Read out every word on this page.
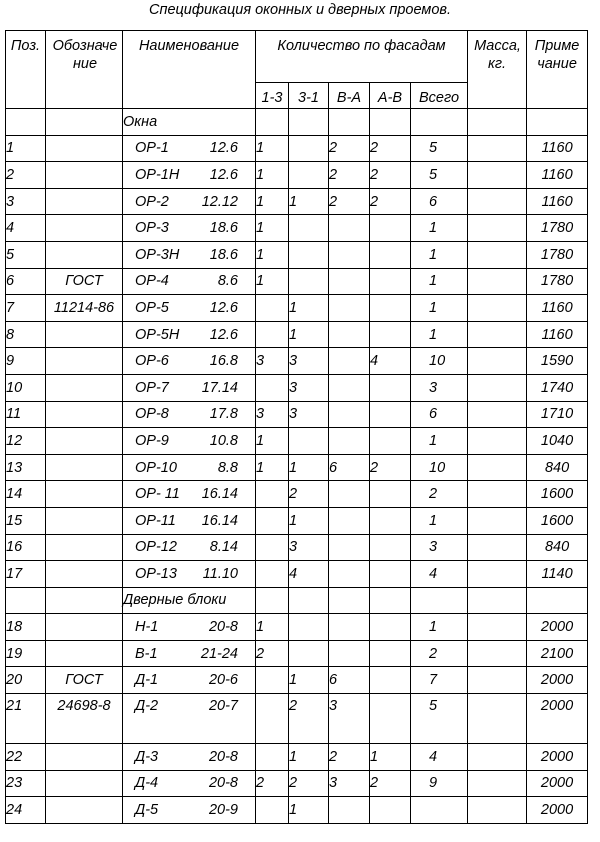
Спецификация оконных и дверных проемов.
Поз.	Обозначение	Наименование	Количество по фасадам					Масса, кг.	Примечание
			1-3	3-1	В-А	А-В	Всего		
		Окна							
1		ОР-1 12.6	1		2	2	5		1160
2		ОР-1Н 12.6	1		2	2	5		1160
3		ОР-2 12.12	1	1	2	2	6		1160
4		ОР-3 18.6	1				1		1780
5		ОР-3Н 18.6	1				1		1780
6	ГОСТ	ОР-4 8.6	1				1		1780
7	11214-86	ОР-5 12.6		1			1		1160
8		ОР-5Н 12.6		1			1		1160
9		ОР-6 16.8	3	3		4	10		1590
10		ОР-7 17.14		3			3		1740
11		ОР-8 17.8	3	3			6		1710
12		ОР-9 10.8	1				1		1040
13		ОР-10 8.8	1	1	6	2	10		840
14		ОР- 11 16.14		2			2		1600
15		ОР-11 16.14		1			1		1600
16		ОР-12 8.14		3			3		840
17		ОР-13 11.10		4			4		1140
		Дверные блоки							
18		Н-1 20-8	1				1		2000
19		В-1 21-24	2				2		2100
20	ГОСТ	Д-1 20-6		1	6		7		2000
21	24698-8	Д-2 20-7		2	3		5		2000
22		Д-3 20-8		1	2	1	4		2000
23		Д-4 20-8	2	2	3	2	9		2000
24		Д-5 20-9		1					2000
